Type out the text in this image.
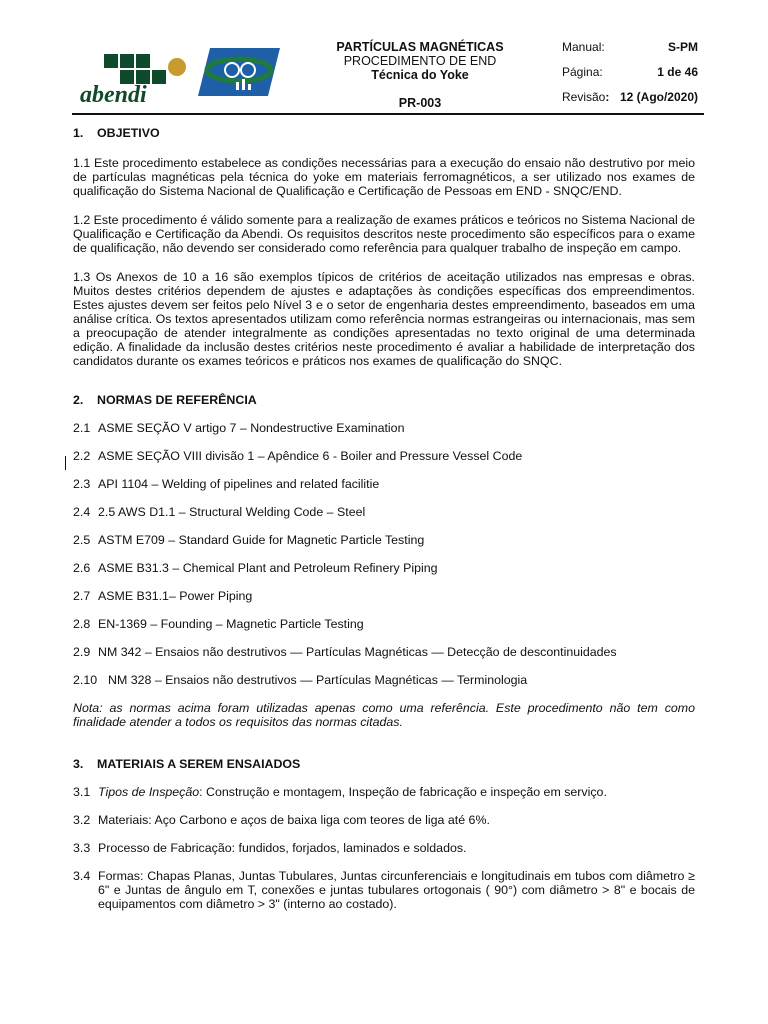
abendi
PARTÍCULAS MAGNÉTICAS
PROCEDIMENTO DE END
Técnica do Yoke
PR-003
Manual:	S-PM
Página:	1 de 46
Revisão: 12 (Ago/2020)
1. OBJETIVO

1.1 Este procedimento estabelece as condições necessárias para a execução do ensaio não destrutivo por meio de partículas magnéticas pela técnica do yoke em materiais ferromagnéticos, a ser utilizado nos exames de qualificação do Sistema Nacional de Qualificação e Certificação de Pessoas em END - SNQC/END.

1.2 Este procedimento é válido somente para a realização de exames práticos e teóricos no Sistema Nacional de Qualificação e Certificação da Abendi. Os requisitos descritos neste procedimento são específicos para o exame de qualificação, não devendo ser considerado como referência para qualquer trabalho de inspeção em campo.

1.3 Os Anexos de 10 a 16 são exemplos típicos de critérios de aceitação utilizados nas empresas e obras. Muitos destes critérios dependem de ajustes e adaptações às condições específicas dos empreendimentos. Estes ajustes devem ser feitos pelo Nível 3 e o setor de engenharia destes empreendimento, baseados em uma análise crítica. Os textos apresentados utilizam como referência normas estrangeiras ou internacionais, mas sem a preocupação de atender integralmente as condições apresentadas no texto original de uma determinada edição. A finalidade da inclusão destes critérios neste procedimento é avaliar a habilidade de interpretação dos candidatos durante os exames teóricos e práticos nos exames de qualificação do SNQC.

2. NORMAS DE REFERÊNCIA
2.1 ASME SEÇÃO V artigo 7 – Nondestructive Examination
2.2 ASME SEÇÃO VIII divisão 1 – Apêndice 6 - Boiler and Pressure Vessel Code
2.3 API 1104 – Welding of pipelines and related facilitie
2.4 2.5 AWS D1.1 – Structural Welding Code – Steel
2.5 ASTM E709 – Standard Guide for Magnetic Particle Testing
2.6 ASME B31.3 – Chemical Plant and Petroleum Refinery Piping
2.7 ASME B31.1– Power Piping
2.8 EN-1369 – Founding – Magnetic Particle Testing
2.9 NM 342 – Ensaios não destrutivos — Partículas Magnéticas — Detecção de descontinuidades
2.10 NM 328 – Ensaios não destrutivos — Partículas Magnéticas — Terminologia

Nota: as normas acima foram utilizadas apenas como uma referência. Este procedimento não tem como finalidade atender a todos os requisitos das normas citadas.

3. MATERIAIS A SEREM ENSAIADOS
3.1 Tipos de Inspeção: Construção e montagem, Inspeção de fabricação e inspeção em serviço.
3.2 Materiais: Aço Carbono e aços de baixa liga com teores de liga até 6%.
3.3 Processo de Fabricação: fundidos, forjados, laminados e soldados.
3.4 Formas: Chapas Planas, Juntas Tubulares, Juntas circunferenciais e longitudinais em tubos com diâmetro ≥ 6" e Juntas de ângulo em T, conexões e juntas tubulares ortogonais ( 90°) com diâmetro > 8" e bocais de equipamentos com diâmetro > 3" (interno ao costado).
